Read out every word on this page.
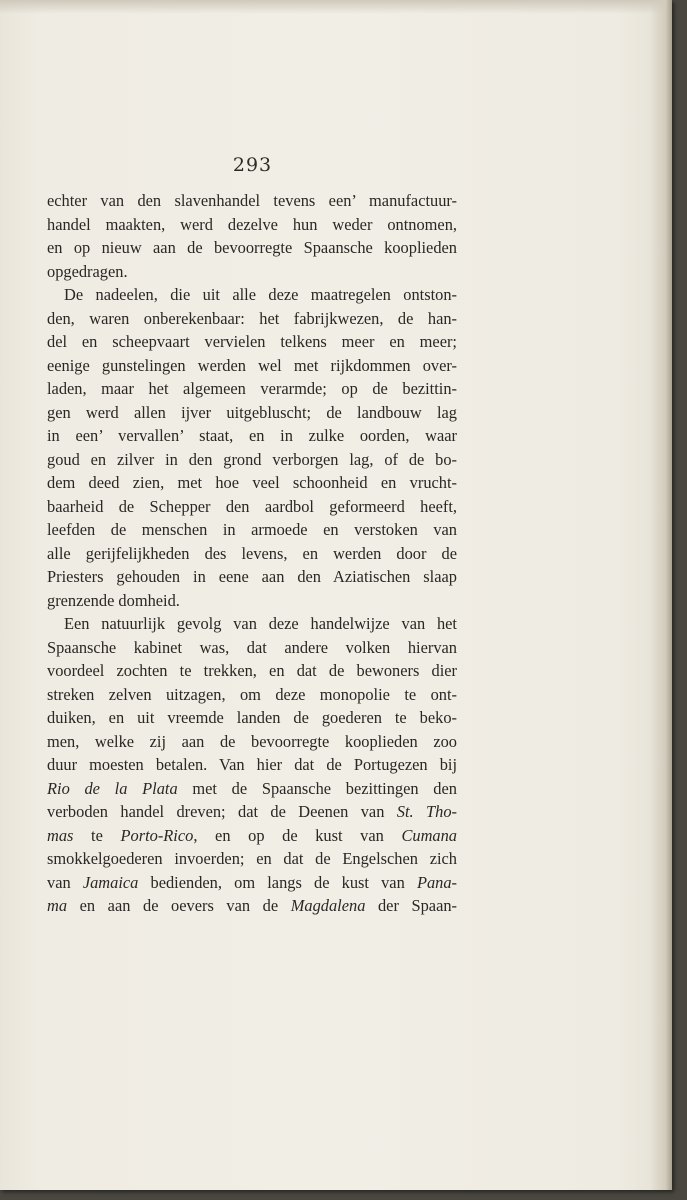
293
echter van den slavenhandel tevens een’ manufactuur-
handel maakten, werd dezelve hun weder ontnomen,
en op nieuw aan de bevoorregte Spaansche kooplieden
opgedragen.
De nadeelen, die uit alle deze maatregelen ontston-
den, waren onberekenbaar: het fabrijkwezen, de han-
del en scheepvaart vervielen telkens meer en meer;
eenige gunstelingen werden wel met rijkdommen over-
laden, maar het algemeen verarmde; op de bezittin-
gen werd allen ijver uitgebluscht; de landbouw lag
in een’ vervallen’ staat, en in zulke oorden, waar
goud en zilver in den grond verborgen lag, of de bo-
dem deed zien, met hoe veel schoonheid en vrucht-
baarheid de Schepper den aardbol geformeerd heeft,
leefden de menschen in armoede en verstoken van
alle gerijfelijkheden des levens, en werden door de
Priesters gehouden in eene aan den Aziatischen slaap
grenzende domheid.
Een natuurlijk gevolg van deze handelwijze van het
Spaansche kabinet was, dat andere volken hiervan
voordeel zochten te trekken, en dat de bewoners dier
streken zelven uitzagen, om deze monopolie te ont-
duiken, en uit vreemde landen de goederen te beko-
men, welke zij aan de bevoorregte kooplieden zoo
duur moesten betalen. Van hier dat de Portugezen bij
Rio de la Plata met de Spaansche bezittingen den
verboden handel dreven; dat de Deenen van St. Tho-
mas te Porto-Rico, en op de kust van Cumana
smokkelgoederen invoerden; en dat de Engelschen zich
van Jamaica bedienden, om langs de kust van Pana-
ma en aan de oevers van de Magdalena der Spaan-
